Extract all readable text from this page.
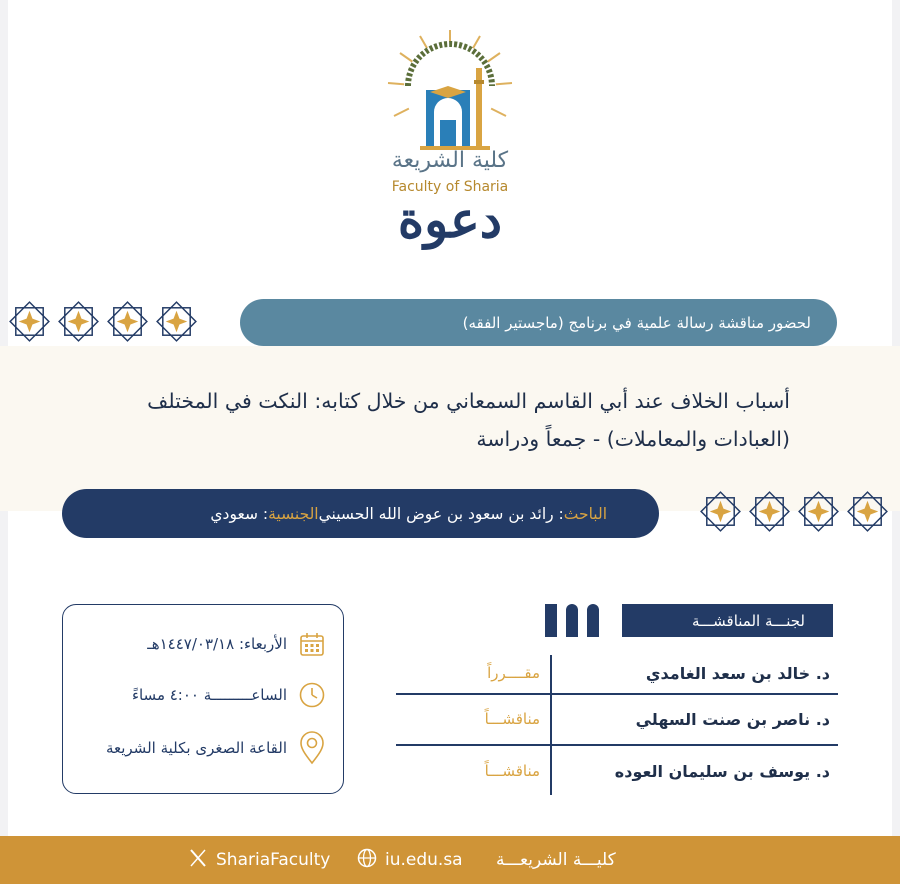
كلية الشريعة
Faculty of Sharia
دعوة
لحضور مناقشة رسالة علمية في برنامج (ماجستير الفقه)
أسباب الخلاف عند أبي القاسم السمعاني من خلال كتابه: النكت في المختلف
(العبادات والمعاملات) - جمعاً ودراسة
الباحث
: رائد بن سعود بن عوض الله الحسيني
الجنسية
: سعودي
الأربعاء: ١٤٤٧/٠٣/١٨هـ
الساعـــــــــة ٤:٠٠ مساءً
القاعة الصغرى بكلية الشريعة
لجنـــة المناقشـــة
د. خالد بن سعد الغامدي
مقــــرراً
د. ناصر بن صنت السهلي
مناقشـــاً
د. يوسف بن سليمان العوده
مناقشـــاً
ShariaFaculty	iu.edu.sa كليـــة الشريعـــة
